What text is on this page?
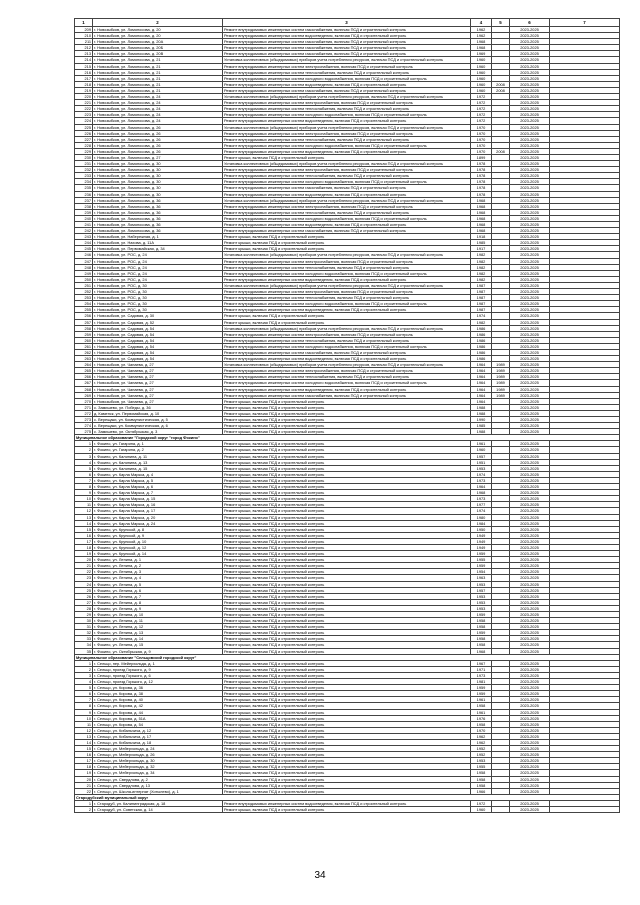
1	2	3	4	5	6	7
209	г. Новозыбков, ул. Ломоносова, д. 20	Ремонт внутридомовых инженерных систем газоснабжения, включая ПСД и строительный контроль	1962		2023-2025	
210	г. Новозыбков, ул. Ломоносова, д. 20	Ремонт внутридомовых инженерных систем водоотведения, включая ПСД и строительный контроль	1962		2023-2025	
211	г. Новозыбков, ул. Ломоносова, д. 20А	Ремонт внутридомовых инженерных систем газоснабжения, включая ПСД и строительный контроль	1968		2023-2025	
212	г. Новозыбков, ул. Ломоносова, д. 20Б	Ремонт внутридомовых инженерных систем газоснабжения, включая ПСД и строительный контроль	1968		2023-2025	
213	г. Новозыбков, ул. Ломоносова, д. 20В	Ремонт внутридомовых инженерных систем газоснабжения, включая ПСД и строительный контроль	1969		2023-2025	
214	г. Новозыбков, ул. Ломоносова, д. 21	Установка коллективных (общедомовых) приборов учета потребления ресурсов, включая ПСД и строительный контроль	1960		2023-2025	
215	г. Новозыбков, ул. Ломоносова, д. 21	Ремонт внутридомовых инженерных систем электроснабжения, включая ПСД и строительный контроль	1960		2023-2025	
216	г. Новозыбков, ул. Ломоносова, д. 21	Ремонт внутридомовых инженерных систем теплоснабжения, включая ПСД и строительный контроль	1960		2023-2025	
217	г. Новозыбков, ул. Ломоносова, д. 21	Ремонт внутридомовых инженерных систем холодного водоснабжения, включая ПСД и строительный контроль	1960		2023-2025	
218	г. Новозыбков, ул. Ломоносова, д. 21	Ремонт внутридомовых инженерных систем водоотведения, включая ПСД и строительный контроль	1960	2008	2023-2025	
219	г. Новозыбков, ул. Ломоносова, д. 21	Ремонт внутридомовых инженерных систем газоснабжения, включая ПСД и строительный контроль	1960	2008	2023-2025	
220	г. Новозыбков, ул. Ломоносова, д. 24	Установка коллективных (общедомовых) приборов учета потребления ресурсов, включая ПСД и строительный контроль	1972		2023-2025	
221	г. Новозыбков, ул. Ломоносова, д. 24	Ремонт внутридомовых инженерных систем электроснабжения, включая ПСД и строительный контроль	1972		2023-2025	
222	г. Новозыбков, ул. Ломоносова, д. 24	Ремонт внутридомовых инженерных систем теплоснабжения, включая ПСД и строительный контроль	1972		2023-2025	
223	г. Новозыбков, ул. Ломоносова, д. 24	Ремонт внутридомовых инженерных систем холодного водоснабжения, включая ПСД и строительный контроль	1972		2023-2025	
224	г. Новозыбков, ул. Ломоносова, д. 24	Ремонт внутридомовых инженерных систем водоотведения, включая ПСД и строительный контроль	1972		2023-2025	
225	г. Новозыбков, ул. Ломоносова, д. 26	Установка коллективных (общедомовых) приборов учета потребления ресурсов, включая ПСД и строительный контроль	1970		2023-2025	
226	г. Новозыбков, ул. Ломоносова, д. 26	Ремонт внутридомовых инженерных систем электроснабжения, включая ПСД и строительный контроль	1970		2023-2025	
227	г. Новозыбков, ул. Ломоносова, д. 26	Ремонт внутридомовых инженерных систем теплоснабжения, включая ПСД и строительный контроль	1970		2023-2025	
228	г. Новозыбков, ул. Ломоносова, д. 26	Ремонт внутридомовых инженерных систем холодного водоснабжения, включая ПСД и строительный контроль	1970		2023-2025	
229	г. Новозыбков, ул. Ломоносова, д. 26	Ремонт внутридомовых инженерных систем водоотведения, включая ПСД и строительный контроль	1970	2008	2023-2025	
230	г. Новозыбков, ул. Ломоносова, д. 27	Ремонт крыши, включая ПСД и строительный контроль	1899		2023-2025	
231	г. Новозыбков, ул. Ломоносова, д. 30	Установка коллективных (общедомовых) приборов учета потребления ресурсов, включая ПСД и строительный контроль	1978		2023-2025	
232	г. Новозыбков, ул. Ломоносова, д. 30	Ремонт внутридомовых инженерных систем электроснабжения, включая ПСД и строительный контроль	1978		2023-2025	
233	г. Новозыбков, ул. Ломоносова, д. 30	Ремонт внутридомовых инженерных систем теплоснабжения, включая ПСД и строительный контроль	1978		2023-2025	
234	г. Новозыбков, ул. Ломоносова, д. 30	Ремонт внутридомовых инженерных систем холодного водоснабжения, включая ПСД и строительный контроль	1978		2023-2025	
235	г. Новозыбков, ул. Ломоносова, д. 30	Ремонт внутридомовых инженерных систем газоснабжения, включая ПСД и строительный контроль	1978		2023-2025	
236	г. Новозыбков, ул. Ломоносова, д. 30	Ремонт внутридомовых инженерных систем водоотведения, включая ПСД и строительный контроль	1978		2023-2025	
237	г. Новозыбков, ул. Ломоносова, д. 36	Установка коллективных (общедомовых) приборов учета потребления ресурсов, включая ПСД и строительный контроль	1968		2023-2025	
238	г. Новозыбков, ул. Ломоносова, д. 36	Ремонт внутридомовых инженерных систем электроснабжения, включая ПСД и строительный контроль	1968		2023-2025	
239	г. Новозыбков, ул. Ломоносова, д. 36	Ремонт внутридомовых инженерных систем теплоснабжения, включая ПСД и строительный контроль	1968		2023-2025	
240	г. Новозыбков, ул. Ломоносова, д. 36	Ремонт внутридомовых инженерных систем холодного водоснабжения, включая ПСД и строительный контроль	1968		2023-2025	
241	г. Новозыбков, ул. Ломоносова, д. 36	Ремонт внутридомовых инженерных систем водоотведения, включая ПСД и строительный контроль	1968		2023-2025	
242	г. Новозыбков, ул. Ломоносова, д. 36	Ремонт внутридомовых инженерных систем газоснабжения, включая ПСД и строительный контроль	1968		2023-2025	
243	г. Новозыбков, ул. Набережная, д. 1	Ремонт крыши, включая ПСД и строительный контроль	1918		2023-2025	
244	г. Новозыбков, ул. Нахова, д. 11А	Ремонт крыши, включая ПСД и строительный контроль	1985		2023-2025	
245	г. Новозыбков, ул. Первомайская, д. 34	Ремонт крыши, включая ПСД и строительный контроль	1917		2023-2025	
246	г. Новозыбков, ул. РОС, д. 24	Установка коллективных (общедомовых) приборов учета потребления ресурсов, включая ПСД и строительный контроль	1982		2023-2025	
247	г. Новозыбков, ул. РОС, д. 24	Ремонт внутридомовых инженерных систем электроснабжения, включая ПСД и строительный контроль	1982		2023-2025	
248	г. Новозыбков, ул. РОС, д. 24	Ремонт внутридомовых инженерных систем теплоснабжения, включая ПСД и строительный контроль	1982		2023-2025	
249	г. Новозыбков, ул. РОС, д. 24	Ремонт внутридомовых инженерных систем холодного водоснабжения, включая ПСД и строительный контроль	1982		2023-2025	
250	г. Новозыбков, ул. РОС, д. 24	Ремонт внутридомовых инженерных систем водоотведения, включая ПСД и строительный контроль	1982		2023-2025	
251	г. Новозыбков, ул. РОС, д. 30	Установка коллективных (общедомовых) приборов учета потребления ресурсов, включая ПСД и строительный контроль	1987		2023-2025	
252	г. Новозыбков, ул. РОС, д. 30	Ремонт внутридомовых инженерных систем электроснабжения, включая ПСД и строительный контроль	1987		2023-2025	
253	г. Новозыбков, ул. РОС, д. 30	Ремонт внутридомовых инженерных систем теплоснабжения, включая ПСД и строительный контроль	1987		2023-2025	
254	г. Новозыбков, ул. РОС, д. 30	Ремонт внутридомовых инженерных систем холодного водоснабжения, включая ПСД и строительный контроль	1987		2023-2025	
255	г. Новозыбков, ул. РОС, д. 30	Ремонт внутридомовых инженерных систем водоотведения, включая ПСД и строительный контроль	1987		2023-2025	
256	г. Новозыбков, ул. Садовая, д. 30	Ремонт крыши, включая ПСД и строительный контроль	1974		2023-2025	
257	г. Новозыбков, ул. Садовая, д. 52	Ремонт крыши, включая ПСД и строительный контроль	1982		2023-2025	
258	г. Новозыбков, ул. Садовая, д. 54	Установка коллективных (общедомовых) приборов учета потребления ресурсов, включая ПСД и строительный контроль	1986		2023-2025	
259	г. Новозыбков, ул. Садовая, д. 54	Ремонт внутридомовых инженерных систем электроснабжения, включая ПСД и строительный контроль	1986		2023-2025	
260	г. Новозыбков, ул. Садовая, д. 54	Ремонт внутридомовых инженерных систем теплоснабжения, включая ПСД и строительный контроль	1986		2023-2025	
261	г. Новозыбков, ул. Садовая, д. 54	Ремонт внутридомовых инженерных систем холодного водоснабжения, включая ПСД и строительный контроль	1986		2023-2025	
262	г. Новозыбков, ул. Садовая, д. 54	Ремонт внутридомовых инженерных систем газоснабжения, включая ПСД и строительный контроль	1986		2023-2025	
263	г. Новозыбков, ул. Садовая, д. 54	Ремонт внутридомовых инженерных систем водоотведения, включая ПСД и строительный контроль	1986		2023-2025	
264	г. Новозыбков, ул. Чапаева, д. 27	Установка коллективных (общедомовых) приборов учета потребления ресурсов, включая ПСД и строительный контроль	1964	1989	2023-2025	
265	г. Новозыбков, ул. Чапаева, д. 27	Ремонт внутридомовых инженерных систем электроснабжения, включая ПСД и строительный контроль	1964	1989	2023-2025	
266	г. Новозыбков, ул. Чапаева, д. 27	Ремонт внутридомовых инженерных систем теплоснабжения, включая ПСД и строительный контроль	1964	1989	2023-2025	
267	г. Новозыбков, ул. Чапаева, д. 27	Ремонт внутридомовых инженерных систем холодного водоснабжения, включая ПСД и строительный контроль	1964	1989	2023-2025	
268	г. Новозыбков, ул. Чапаева, д. 27	Ремонт внутридомовых инженерных систем водоотведения, включая ПСД и строительный контроль	1964	1989	2023-2025	
269	г. Новозыбков, ул. Чапаева, д. 27	Ремонт внутридомовых инженерных систем газоснабжения, включая ПСД и строительный контроль	1964	1989	2023-2025	
270	г. Новозыбков, ул. Чапаева, д. 27	Ремонт крыши, включая ПСД и строительный контроль	1964		2023-2025	
271	с. Замишево, ул. Победы, д. 36	Ремонт крыши, включая ПСД и строительный контроль	1988		2023-2025	
272	д. Каменск, ул. Первомайская, д. 10	Ремонт крыши, включая ПСД и строительный контроль	1988		2023-2025	
273	с. Верещаки, ул. Коммунистическая, д. 5	Ремонт крыши, включая ПСД и строительный контроль	1990		2023-2025	
274	с. Верещаки, ул. Коммунистическая, д. 6	Ремонт крыши, включая ПСД и строительный контроль	1985		2023-2025	
275	с. Замишево, ул. Октябрьская, д. 3	Ремонт крыши, включая ПСД и строительный контроль	1988		2023-2025	
Муниципальное образование "Городской округ "город Фокино"						
1	г. Фокино, ул. Гагарина, д. 1	Ремонт крыши, включая ПСД и строительный контроль	1961		2023-2025	
2	г. Фокино, ул. Гагарина, д. 2	Ремонт крыши, включая ПСД и строительный контроль	1960		2023-2025	
3	г. Фокино, ул. Калинина, д. 11	Ремонт крыши, включая ПСД и строительный контроль	1957		2023-2025	
4	г. Фокино, ул. Калинина, д. 13	Ремонт крыши, включая ПСД и строительный контроль	1951		2023-2025	
5	г. Фокино, ул. Калинина, д. 15	Ремонт крыши, включая ПСД и строительный контроль	1953		2023-2025	
6	г. Фокино, ул. Карла Маркса, д. 4	Ремонт крыши, включая ПСД и строительный контроль	1974		2023-2025	
7	г. Фокино, ул. Карла Маркса, д. 5	Ремонт крыши, включая ПСД и строительный контроль	1973		2023-2025	
8	г. Фокино, ул. Карла Маркса, д. 6	Ремонт крыши, включая ПСД и строительный контроль	1964		2023-2025	
9	г. Фокино, ул. Карла Маркса, д. 7	Ремонт крыши, включая ПСД и строительный контроль	1968		2023-2025	
10	г. Фокино, ул. Карла Маркса, д. 15	Ремонт крыши, включая ПСД и строительный контроль	1973		2023-2025	
11	г. Фокино, ул. Карла Маркса, д. 16	Ремонт крыши, включая ПСД и строительный контроль	1977		2023-2025	
12	г. Фокино, ул. Карла Маркса, д. 17	Ремонт крыши, включая ПСД и строительный контроль	1974		2023-2025	
13	г. Фокино, ул. Карла Маркса, д. 20	Ремонт крыши, включая ПСД и строительный контроль	1980		2023-2025	
14	г. Фокино, ул. Карла Маркса, д. 24	Ремонт крыши, включая ПСД и строительный контроль	1984		2023-2025	
15	г. Фокино, ул. Крупской, д. 8	Ремонт крыши, включая ПСД и строительный контроль	1950		2023-2025	
16	г. Фокино, ул. Крупской, д. 9	Ремонт крыши, включая ПСД и строительный контроль	1949		2023-2025	
17	г. Фокино, ул. Крупской, д. 10	Ремонт крыши, включая ПСД и строительный контроль	1949		2023-2025	
18	г. Фокино, ул. Крупской, д. 12	Ремонт крыши, включая ПСД и строительный контроль	1949		2023-2025	
19	г. Фокино, ул. Крупской, д. 14	Ремонт крыши, включая ПСД и строительный контроль	1959		2023-2025	
20	г. Фокино, ул. Ленина, д. 1	Ремонт крыши, включая ПСД и строительный контроль	1955		2023-2025	
21	г. Фокино, ул. Ленина, д. 2	Ремонт крыши, включая ПСД и строительный контроль	1959		2023-2025	
22	г. Фокино, ул. Ленина, д. 3	Ремонт крыши, включая ПСД и строительный контроль	1954		2023-2025	
23	г. Фокино, ул. Ленина, д. 4	Ремонт крыши, включая ПСД и строительный контроль	1963		2023-2025	
24	г. Фокино, ул. Ленина, д. 5	Ремонт крыши, включая ПСД и строительный контроль	1953		2023-2025	
25	г. Фокино, ул. Ленина, д. 6	Ремонт крыши, включая ПСД и строительный контроль	1957		2023-2025	
26	г. Фокино, ул. Ленина, д. 7	Ремонт крыши, включая ПСД и строительный контроль	1953		2023-2025	
27	г. Фокино, ул. Ленина, д. 8	Ремонт крыши, включая ПСД и строительный контроль	1953		2023-2025	
28	г. Фокино, ул. Ленина, д. 9	Ремонт крыши, включая ПСД и строительный контроль	1953		2023-2025	
29	г. Фокино, ул. Ленина, д. 10	Ремонт крыши, включая ПСД и строительный контроль	1959		2023-2025	
30	г. Фокино, ул. Ленина, д. 11	Ремонт крыши, включая ПСД и строительный контроль	1958		2023-2025	
31	г. Фокино, ул. Ленина, д. 12	Ремонт крыши, включая ПСД и строительный контроль	1958		2023-2025	
32	г. Фокино, ул. Ленина, д. 13	Ремонт крыши, включая ПСД и строительный контроль	1959		2023-2025	
33	г. Фокино, ул. Ленина, д. 14	Ремонт крыши, включая ПСД и строительный контроль	1958		2023-2025	
34	г. Фокино, ул. Ленина, д. 15	Ремонт крыши, включая ПСД и строительный контроль	1958		2023-2025	
35	г. Фокино, ул. Октябрьская, д. 9	Ремонт крыши, включая ПСД и строительный контроль	1968		2023-2025	
Муниципальное образование "Сельцовский городской округ"						
1	г. Сельцо, пер. Мейерхольда, д. 1	Ремонт крыши, включая ПСД и строительный контроль	1967		2023-2025	
2	г. Сельцо, проезд Горького, д. 9	Ремонт крыши, включая ПСД и строительный контроль	1971		2023-2025	
3	г. Сельцо, проезд Горького, д. 6	Ремонт крыши, включая ПСД и строительный контроль	1973		2023-2025	
4	г. Сельцо, проезд Горького, д. 12	Ремонт крыши, включая ПСД и строительный контроль	1981		2023-2025	
5	г. Сельцо, ул. Кирова, д. 36	Ремонт крыши, включая ПСД и строительный контроль	1959		2023-2025	
6	г. Сельцо, ул. Кирова, д. 38	Ремонт крыши, включая ПСД и строительный контроль	1959		2023-2025	
7	г. Сельцо, ул. Кирова, д. 40	Ремонт крыши, включая ПСД и строительный контроль	1961		2023-2025	
8	г. Сельцо, ул. Кирова, д. 42	Ремонт крыши, включая ПСД и строительный контроль	1958		2023-2025	
9	г. Сельцо, ул. Кирова, д. 44	Ремонт крыши, включая ПСД и строительный контроль	1961		2023-2025	
10	г. Сельцо, ул. Кирова, д. 51А	Ремонт крыши, включая ПСД и строительный контроль	1976		2023-2025	
11	г. Сельцо, ул. Кирова, д. 54	Ремонт крыши, включая ПСД и строительный контроль	1958		2023-2025	
12	г. Сельцо, ул. Кибальчича, д. 12	Ремонт крыши, включая ПСД и строительный контроль	1970		2023-2025	
13	г. Сельцо, ул. Кибальчича, д. 17	Ремонт крыши, включая ПСД и строительный контроль	1962		2023-2025	
14	г. Сельцо, ул. Кибальчича, д. 18	Ремонт крыши, включая ПСД и строительный контроль	1962		2023-2025	
15	г. Сельцо, ул. Мейерхольда, д. 24	Ремонт крыши, включая ПСД и строительный контроль	1952		2023-2025	
16	г. Сельцо, ул. Мейерхольда, д. 26	Ремонт крыши, включая ПСД и строительный контроль	1952		2023-2025	
17	г. Сельцо, ул. Мейерхольда, д. 30	Ремонт крыши, включая ПСД и строительный контроль	1953		2023-2025	
18	г. Сельцо, ул. Мейерхольда, д. 32	Ремонт крыши, включая ПСД и строительный контроль	1955		2023-2025	
19	г. Сельцо, ул. Мейерхольда, д. 34	Ремонт крыши, включая ПСД и строительный контроль	1958		2023-2025	
20	г. Сельцо, ул. Свердлова, д. 2	Ремонт крыши, включая ПСД и строительный контроль	1958		2023-2025	
21	г. Сельцо, ул. Свердлова, д. 13	Ремонт крыши, включая ПСД и строительный контроль	1958		2023-2025	
22	г. Сельцо, ул. Школа-интернат (Хотылево), д. 1	Ремонт крыши, включая ПСД и строительный контроль	1966		2023-2025	
Стародубский муниципальный округ						
1	г. Стародуб, ул. Калининградская, д. 18	Ремонт внутридомовых инженерных систем водоотведения, включая ПСД и строительный контроль	1972		2023-2025	
2	г. Стародуб, ул. Советская, д. 14	Ремонт крыши, включая ПСД и строительный контроль	1960		2023-2025	
34
